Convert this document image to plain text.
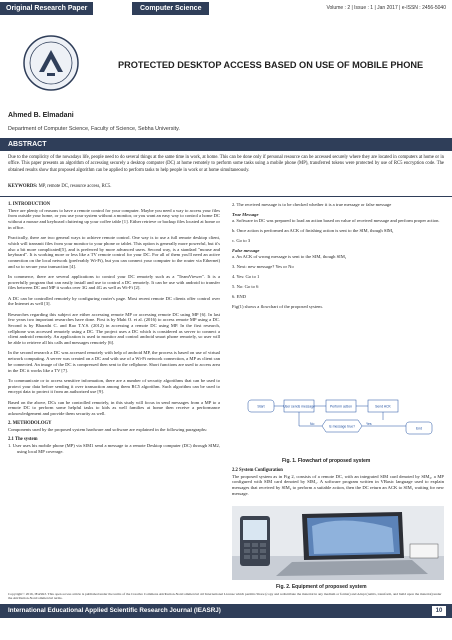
Original Research Paper	Computer Science	Volume : 2 | Issue : 1 | Jan 2017 | e-ISSN : 2456-5040
PROTECTED DESKTOP ACCESS BASED ON USE OF MOBILE PHONE
Ahmed B. Elmadani
Department of Computer Science, Faculty of Science, Sebha University.
ABSTRACT
Due to the complicity of the nowadays life, people need to do several things at the same time in work, at home. This can be done only if personal resource can be accessed securely where they are located in computers at home or in office. This paper presents an algorithm of accessing securely a desktop computer (DC) at home remotely to perform some tasks using a mobile phone (MP), transferred tokens were protected by use of RC5 encryption code. The obtained results show that proposed algorithm can be applied to perform tasks to help people in work or at home simultaneously.
KEYWORDS: MP, remote DC, resource access, RC5.
1. INTRODUCTION
There are plenty of reasons to have a remote control for your computer. Maybe you need a way to access your files from outside your home, or you use your system without a monitor, or you want an easy way to control a home DC without a mouse and keyboard cluttering up your coffee table [1]. Either retrieve or backup files located at home or in office.
Practically, there are two general ways to achieve remote control. One way is to use a full remote desktop client, which will transmit files from your monitor to your phone or tablet. This option is generally more powerful, but it's also a bit more complicated[5], and is preferred by more advanced users. Second way, is a standard "mouse and keyboard". It is working more or less like a TV remote control for your DC. For all of them you'll need an active connection on the local network (preferably Wi-Fi), but you can connect your computer to the router via Ethernet) and so to secure your transaction [4].
In commerce, there are several applications to control your DC remotely such as a "TeamViewer". It is a powerfully program that can easily install and use to control a DC remotely. It can be use with android to transfer files between DC and MP it works over 3G and 4G as well as Wi-Fi [2].
A DC can be controlled remotely by configuring router's page. Most recent remote DC clients offer control over the Internet as well [3].
Researches regarding this subject are either accessing remote MP or accessing remote DC using MP [6]. In last few years two important researches have done. First is by Mahi O. et al. (2016) to access remote MP using a DC. Second is by Bharathi C. and Rao T.Y.S. (2012) in accessing a remote DC using MP. In the first research, cellphone was accessed remotely using a DC. The project uses a DC which is considered as server to connect a client android remotely. An application is used to monitor and control android smart phone remotely, so user will be able to retrieve all his calls and messages remotely [6].
In the second research a DC was accessed remotely with help of android MP, the process is based on use of virtual network computing. A server was created on a DC and with use of a Wi-Fi network connection, a MP as client can be connected. An image of the DC is compressed then sent to the cellphone. Short functions are used to access area in the DC it works like a TV [7].
To communicate or to access sensitive information, there are a number of security algorithms that can be used to protect your data before sending it over transaction among them RC5 algorithm. Such algorithm can be used to encrypt data to protect it from an authorized use [9].
Based on the above, DCs can be controlled remotely, in this study will focus in send messages from a MP to a remote DC to perform some helpful tasks to kids as well families at home then receive a performance acknowledgement and provide them security as well.
2. METHODOLOGY
Components used by the proposed system hardware and software are explained in the following paragraphs:
2.1 The system
1. User uses his mobile phone (MP) via SIM1 send a message to a remote Desktop computer (DC) through SIM2, using local MP coverage.
2. The received message is to be checked whether it is a true message or false message
True Message
a. Software in DC was prepared to load an action based on value of received message and perform proper action.
b. Once action is performed an ACK of finishing action is sent to the SIM, though SIM₁
c. Go to 3
False message
a. An ACK of wrong message is sent to the SIM, though SIM₁
3. Next: new message? Yes or No
4. Yes: Go to 1
5. No: Go to 6
6. END
Fig(1) shows a flowchart of the proposed system.
Start	User sends message	Perform action	Send ACK
Is message true?
Yes
No
End
Fig. 1. Flowchart of proposed system
2.2 System Configuration
The proposed system as in Fig 2, consists of a remote DC, with an integrated SIM card denoted by SIM₂, a MP configured with SIM card denoted by SIM₁. A software program written in VBasic language used to explain messages that received by SIM₂ to perform a suitable action, then the DC return an ACK to SIM₁ waiting for new message.
Fig. 2. Equipment of proposed system
Copyright© 2016, IEASRJ. This open access article is published under the terms of the Creative Commons Attribution-NonCommercial 4.0 International License which permits Share (copy and redistribute the material in any medium or format) and Adapt (remix, transform, and build upon the material) under the Attribution-NonCommercial terms.
International Educational Applied Scientific Research Journal (IEASRJ)	10
